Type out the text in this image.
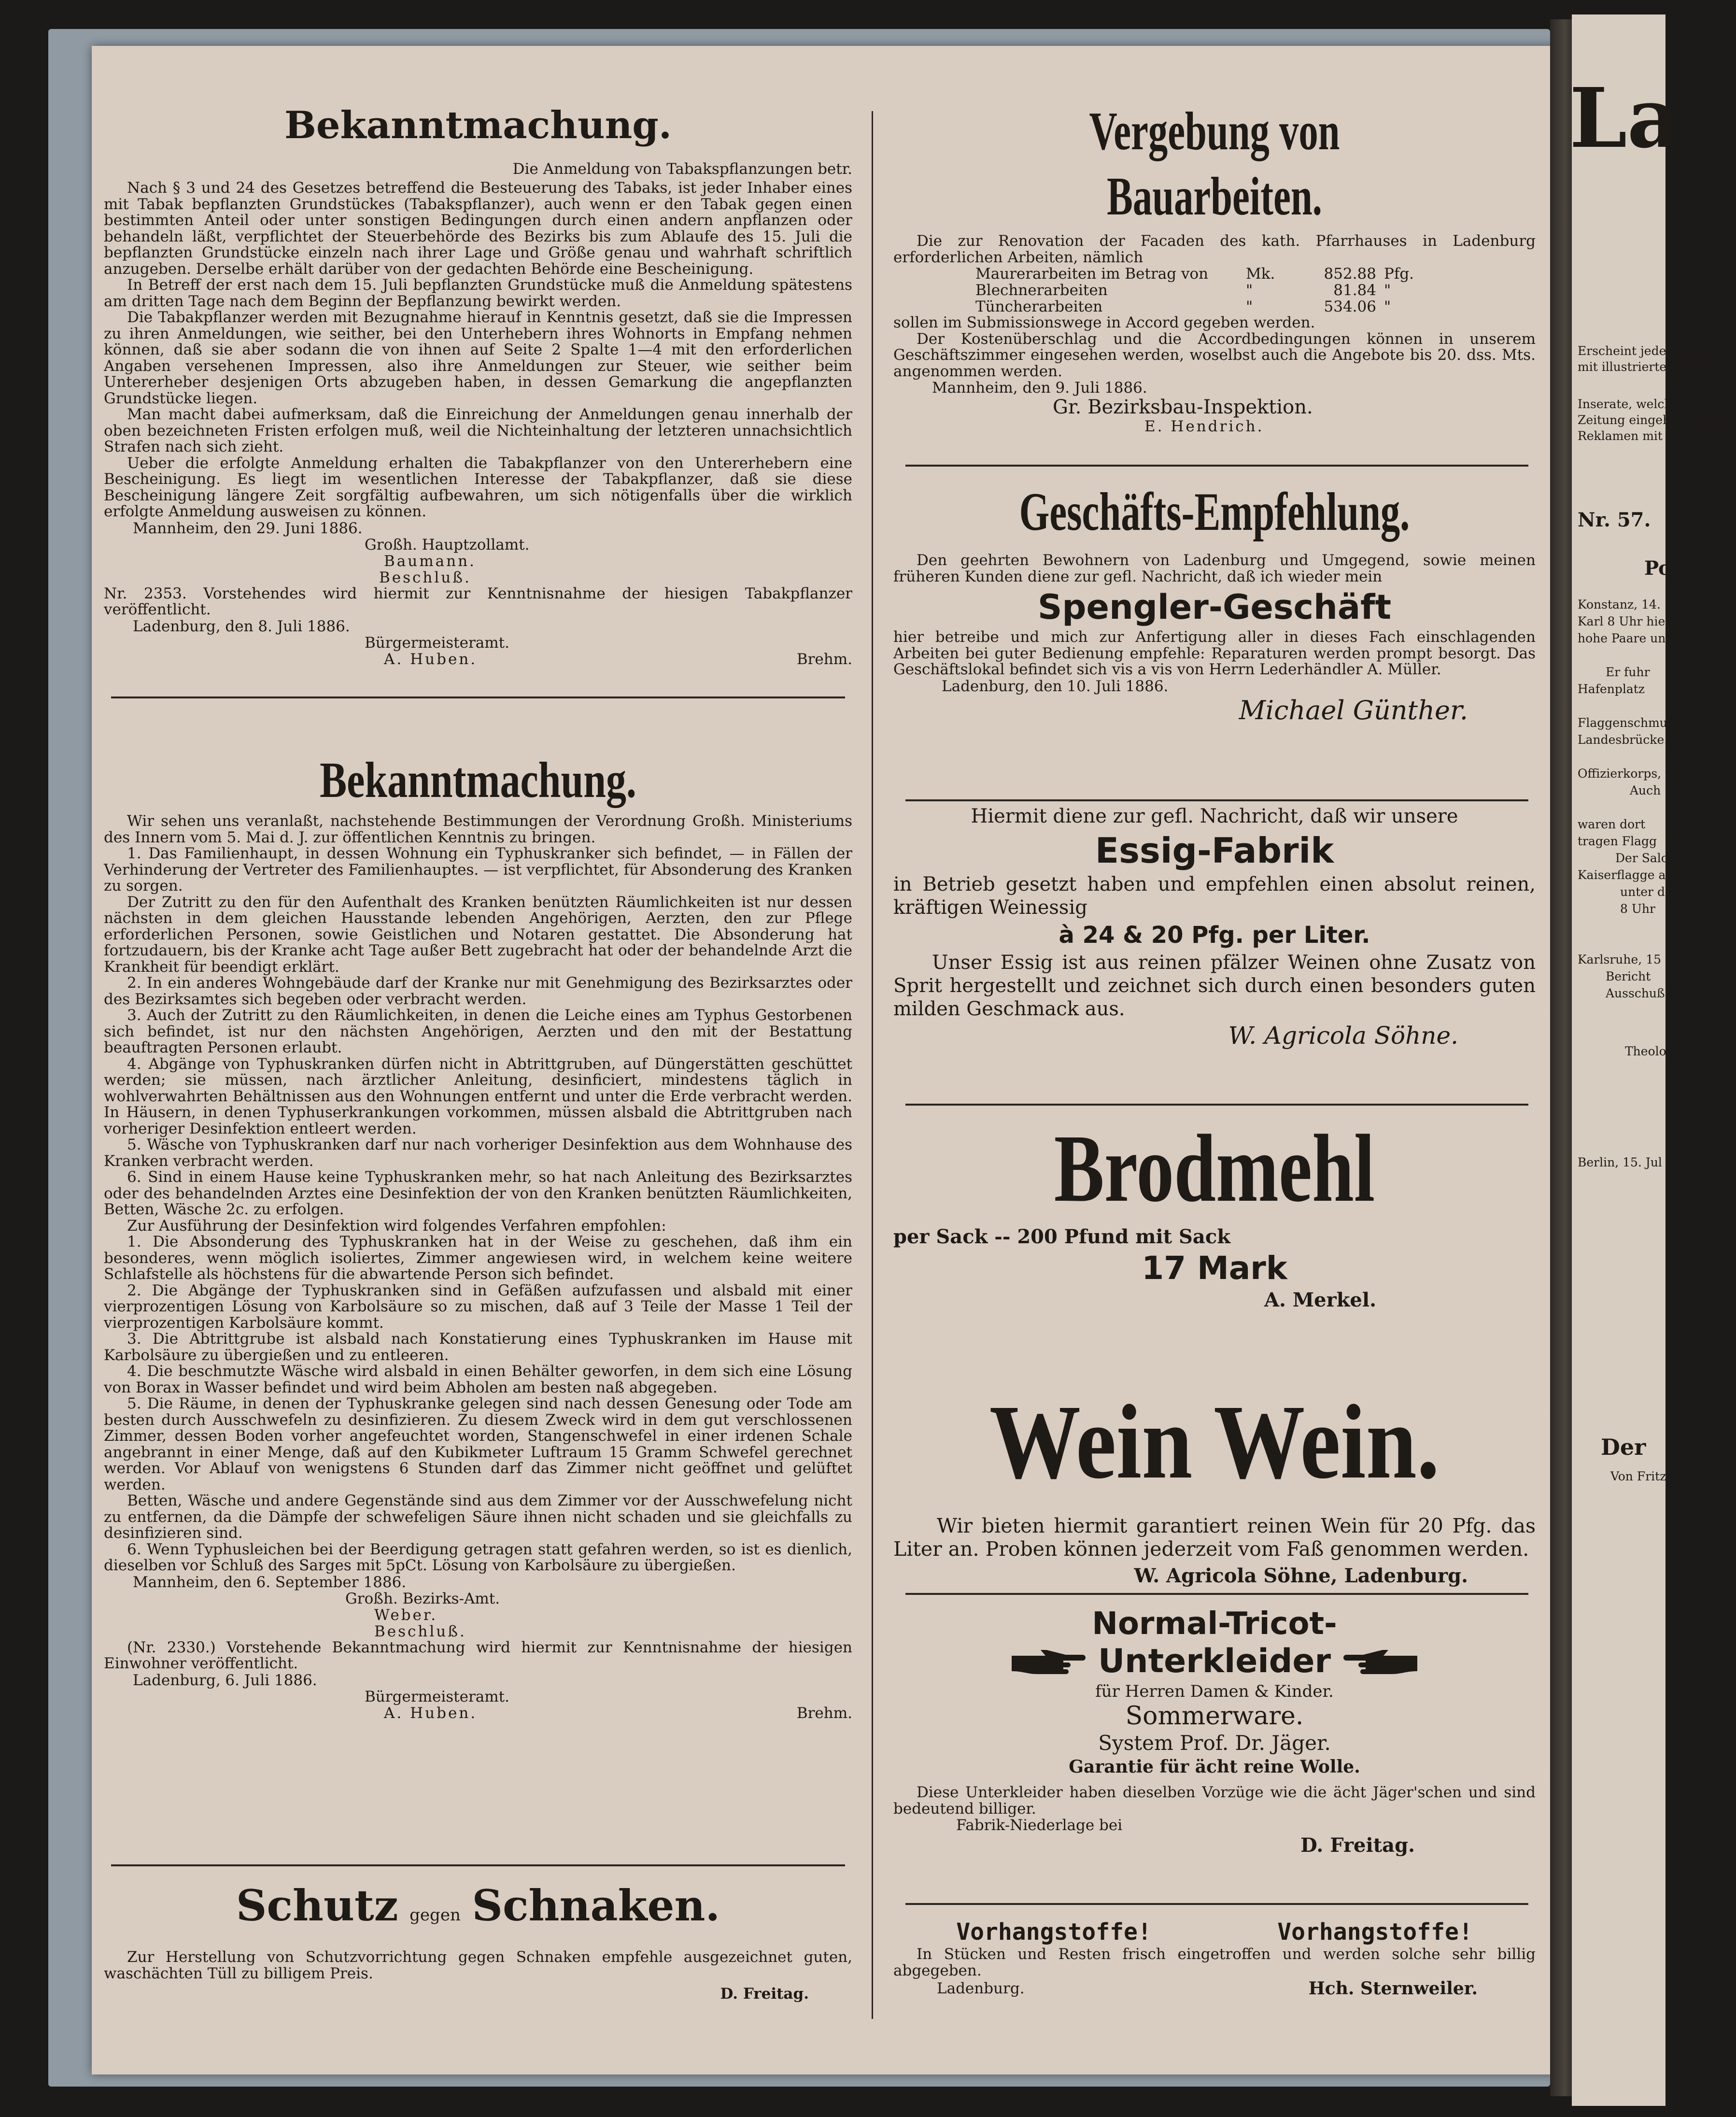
La
Erscheint jeden Mittwoch
mit illustriertem Unter
Inserate, welche am
Zeitung eingehen, finden
Reklamen mit 20 Pf. be
Nr. 57.
Po
Konstanz, 14.
Karl 8 Uhr hier ein
hohe Paare unter
Er fuhr
Hafenplatz
Flaggenschmuck
Landesbrücke.
Offizierkorps, un
Auch
waren dort
tragen Flagg
Der Salon
Kaiserflagge an
unter dem
8 Uhr
Karlsruhe, 15
Bericht
Ausschuß
Theolo
Berlin, 15. Jul
Der
Von Fritz
Bekanntmachung.
Die Anmeldung von Tabakspflanzungen betr.

Nach § 3 und 24 des Gesetzes betreffend die Besteuerung des Tabaks, ist jeder Inhaber eines mit Tabak bepflanzten Grundstückes (Tabakspflanzer), auch wenn er den Tabak gegen einen bestimmten Anteil oder unter sonstigen Bedingungen durch einen andern anpflanzen oder behandeln läßt, verpflichtet der Steuerbehörde des Bezirks bis zum Ablaufe des 15. Juli die bepflanzten Grundstücke einzeln nach ihrer Lage und Größe genau und wahrhaft schriftlich anzugeben. Derselbe erhält darüber von der gedachten Behörde eine Bescheinigung.

In Betreff der erst nach dem 15. Juli bepflanzten Grundstücke muß die Anmeldung spätestens am dritten Tage nach dem Beginn der Bepflanzung bewirkt werden.

Die Tabakpflanzer werden mit Bezugnahme hierauf in Kenntnis gesetzt, daß sie die Impressen zu ihren Anmeldungen, wie seither, bei den Unterhebern ihres Wohnorts in Empfang nehmen können, daß sie aber sodann die von ihnen auf Seite 2 Spalte 1—4 mit den erforderlichen Angaben versehenen Impressen, also ihre Anmeldungen zur Steuer, wie seither beim Untererheber desjenigen Orts abzugeben haben, in dessen Gemarkung die angepflanzten Grundstücke liegen.

Man macht dabei aufmerksam, daß die Einreichung der Anmeldungen genau innerhalb der oben bezeichneten Fristen erfolgen muß, weil die Nichteinhaltung der letzteren unnachsichtlich Strafen nach sich zieht.

Ueber die erfolgte Anmeldung erhalten die Tabakpflanzer von den Untererhebern eine Bescheinigung. Es liegt im wesentlichen Interesse der Tabakpflanzer, daß sie diese Bescheinigung längere Zeit sorgfältig aufbewahren, um sich nötigenfalls über die wirklich erfolgte Anmeldung ausweisen zu können.

Mannheim, den 29. Juni 1886.
Großh. Hauptzollamt.
Baumann.
Beschluß.

Nr. 2353. Vorstehendes wird hiermit zur Kenntnisnahme der hiesigen Tabakpflanzer veröffentlicht.

Ladenburg, den 8. Juli 1886.
Bürgermeisteramt.
A. Huben.	Brehm.
Bekanntmachung.

Wir sehen uns veranlaßt, nachstehende Bestimmungen der Verordnung Großh. Ministeriums des Innern vom 5. Mai d. J. zur öffentlichen Kenntnis zu bringen.

1. Das Familienhaupt, in dessen Wohnung ein Typhuskranker sich befindet, — in Fällen der Verhinderung der Vertreter des Familienhauptes. — ist verpflichtet, für Absonderung des Kranken zu sorgen.

Der Zutritt zu den für den Aufenthalt des Kranken benützten Räumlichkeiten ist nur dessen nächsten in dem gleichen Hausstande lebenden Angehörigen, Aerzten, den zur Pflege erforderlichen Personen, sowie Geistlichen und Notaren gestattet. Die Absonderung hat fortzudauern, bis der Kranke acht Tage außer Bett zugebracht hat oder der behandelnde Arzt die Krankheit für beendigt erklärt.

2. In ein anderes Wohngebäude darf der Kranke nur mit Genehmigung des Bezirksarztes oder des Bezirksamtes sich begeben oder verbracht werden.

3. Auch der Zutritt zu den Räumlichkeiten, in denen die Leiche eines am Typhus Gestorbenen sich befindet, ist nur den nächsten Angehörigen, Aerzten und den mit der Bestattung beauftragten Personen erlaubt.

4. Abgänge von Typhuskranken dürfen nicht in Abtrittgruben, auf Düngerstätten geschüttet werden; sie müssen, nach ärztlicher Anleitung, desinficiert, mindestens täglich in wohlverwahrten Behältnissen aus den Wohnungen entfernt und unter die Erde verbracht werden. In Häusern, in denen Typhuserkrankungen vorkommen, müssen alsbald die Abtrittgruben nach vorheriger Desinfektion entleert werden.

5. Wäsche von Typhuskranken darf nur nach vorheriger Desinfektion aus dem Wohnhause des Kranken verbracht werden.

6. Sind in einem Hause keine Typhuskranken mehr, so hat nach Anleitung des Bezirksarztes oder des behandelnden Arztes eine Desinfektion der von den Kranken benützten Räumlichkeiten, Betten, Wäsche 2c. zu erfolgen.

Zur Ausführung der Desinfektion wird folgendes Verfahren empfohlen:

1. Die Absonderung des Typhuskranken hat in der Weise zu geschehen, daß ihm ein besonderes, wenn möglich isoliertes, Zimmer angewiesen wird, in welchem keine weitere Schlafstelle als höchstens für die abwartende Person sich befindet.

2. Die Abgänge der Typhuskranken sind in Gefäßen aufzufassen und alsbald mit einer vierprozentigen Lösung von Karbolsäure so zu mischen, daß auf 3 Teile der Masse 1 Teil der vierprozentigen Karbolsäure kommt.

3. Die Abtrittgrube ist alsbald nach Konstatierung eines Typhuskranken im Hause mit Karbolsäure zu übergießen und zu entleeren.

4. Die beschmutzte Wäsche wird alsbald in einen Behälter geworfen, in dem sich eine Lösung von Borax in Wasser befindet und wird beim Abholen am besten naß abgegeben.

5. Die Räume, in denen der Typhuskranke gelegen sind nach dessen Genesung oder Tode am besten durch Ausschwefeln zu desinfizieren. Zu diesem Zweck wird in dem gut verschlossenen Zimmer, dessen Boden vorher angefeuchtet worden, Stangenschwefel in einer irdenen Schale angebrannt in einer Menge, daß auf den Kubikmeter Luftraum 15 Gramm Schwefel gerechnet werden. Vor Ablauf von wenigstens 6 Stunden darf das Zimmer nicht geöffnet und gelüftet werden.

Betten, Wäsche und andere Gegenstände sind aus dem Zimmer vor der Ausschwefelung nicht zu entfernen, da die Dämpfe der schwefeligen Säure ihnen nicht schaden und sie gleichfalls zu desinfizieren sind.

6. Wenn Typhusleichen bei der Beerdigung getragen statt gefahren werden, so ist es dienlich, dieselben vor Schluß des Sarges mit 5pCt. Lösung von Karbolsäure zu übergießen.

Mannheim, den 6. September 1886.
Großh. Bezirks-Amt.
Weber.
Beschluß.

(Nr. 2330.) Vorstehende Bekanntmachung wird hiermit zur Kenntnisnahme der hiesigen Einwohner veröffentlicht.

Ladenburg, 6. Juli 1886.
Bürgermeisteramt.
A. Huben.	Brehm.
Schutz gegen Schnaken.

Zur Herstellung von Schutzvorrichtung gegen Schnaken empfehle ausgezeichnet guten, waschächten Tüll zu billigem Preis.

D. Freitag.
Vergebung von Bauarbeiten.

Die zur Renovation der Facaden des kath. Pfarrhauses in Ladenburg erforderlichen Arbeiten, nämlich

Maurerarbeiten im Betrag von	Mk.	852.88 Pfg.
Blechnerarbeiten	"	81.84 "
Tüncherarbeiten	"	534.06 "

sollen im Submissionswege in Accord gegeben werden.

Der Kostenüberschlag und die Accordbedingungen können in unserem Geschäftszimmer eingesehen werden, woselbst auch die Angebote bis 20. dss. Mts. angenommen werden.

Mannheim, den 9. Juli 1886.
Gr. Bezirksbau-Inspektion.
E. Hendrich.
Geschäfts-Empfehlung.

Den geehrten Bewohnern von Ladenburg und Umgegend, sowie meinen früheren Kunden diene zur gefl. Nachricht, daß ich wieder mein

Spengler-Geschäft

hier betreibe und mich zur Anfertigung aller in dieses Fach einschlagenden Arbeiten bei guter Bedienung empfehle: Reparaturen werden prompt besorgt. Das Geschäftslokal befindet sich vis a vis von Herrn Lederhändler A. Müller.

Ladenburg, den 10. Juli 1886.
Michael Günther.
Hiermit diene zur gefl. Nachricht, daß wir unsere
Essig-Fabrik
in Betrieb gesetzt haben und empfehlen einen absolut reinen, kräftigen Weinessig
à 24 & 20 Pfg. per Liter.
Unser Essig ist aus reinen pfälzer Weinen ohne Zusatz von Sprit hergestellt und zeichnet sich durch einen besonders guten milden Geschmack aus.
W. Agricola Söhne.
Brodmehl
per Sack -- 200 Pfund mit Sack
17 Mark
A. Merkel.
Wein Wein.
Wir bieten hiermit garantiert reinen Wein für 20 Pfg. das Liter an. Proben können jederzeit vom Faß genommen werden.
W. Agricola Söhne, Ladenburg.
Normal-Tricot-
Unterkleider
für Herren Damen & Kinder.
Sommerware.
System Prof. Dr. Jäger.
Garantie für ächt reine Wolle.

Diese Unterkleider haben dieselben Vorzüge wie die ächt Jäger'schen und sind bedeutend billiger.

Fabrik-Niederlage bei
D. Freitag.
Vorhangstoffe!	Vorhangstoffe!

In Stücken und Resten frisch eingetroffen und werden solche sehr billig abgegeben.

Ladenburg.	Hch. Sternweiler.
